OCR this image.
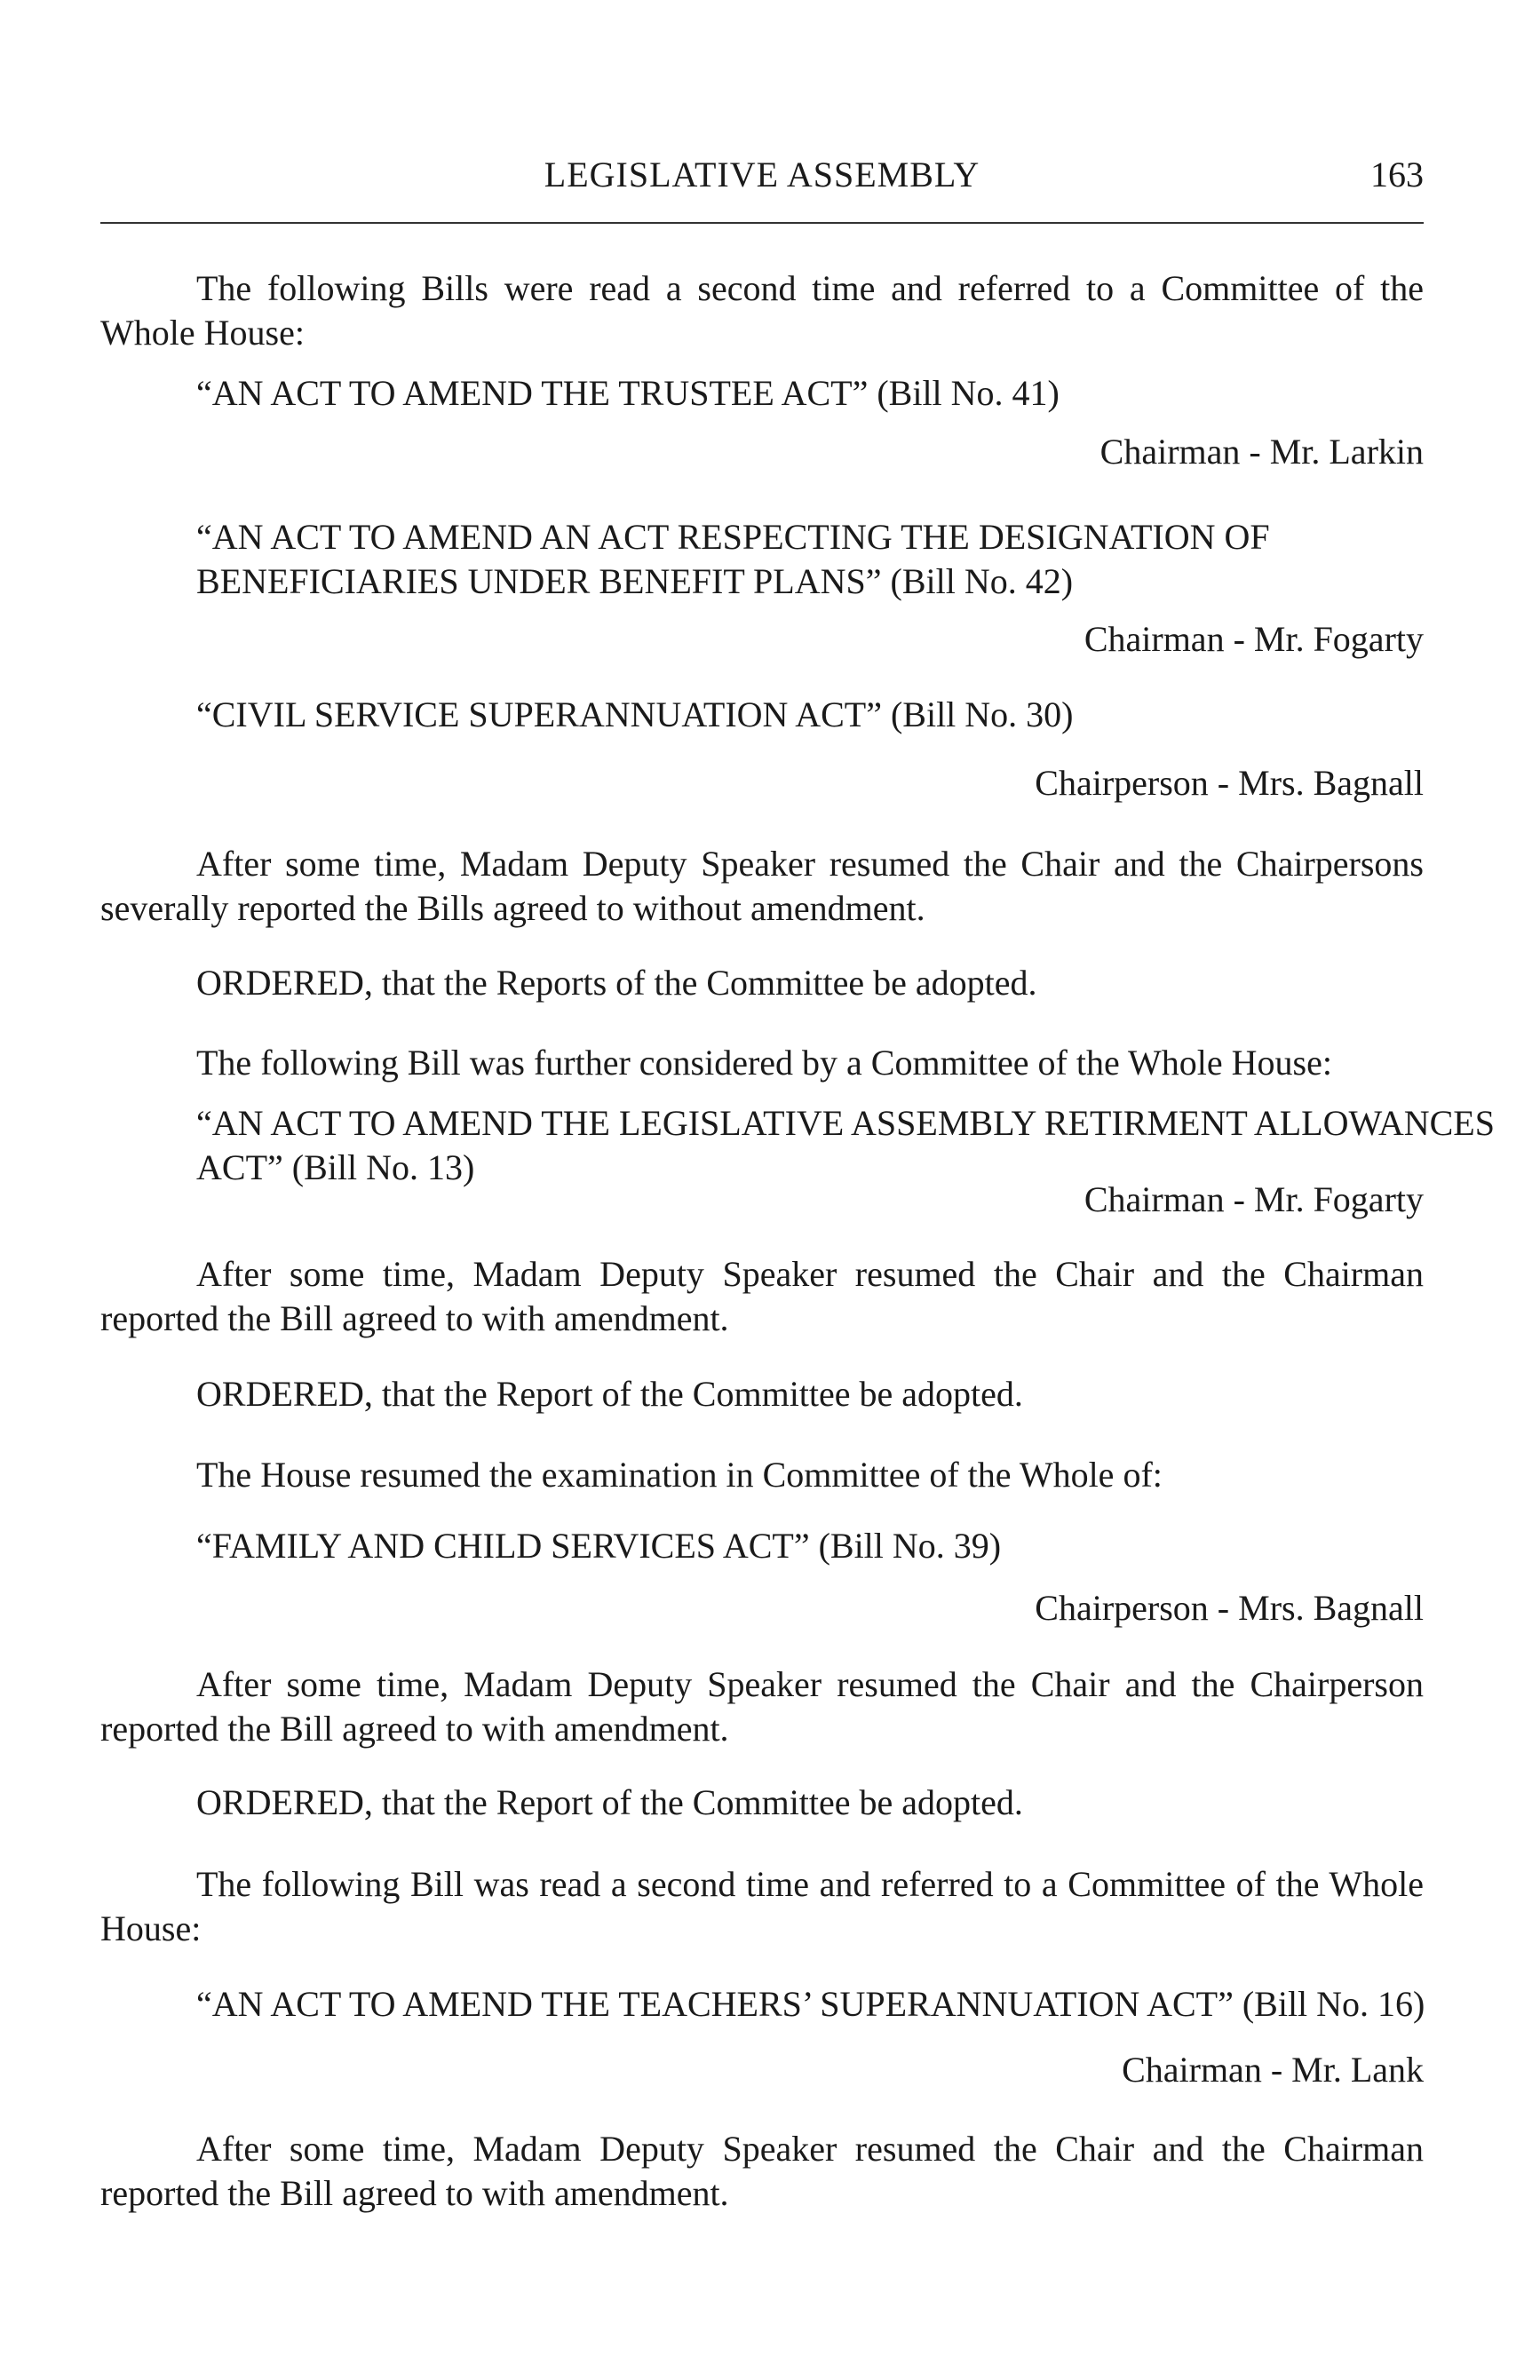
LEGISLATIVE ASSEMBLY	163
The following Bills were read a second time and referred to a Committee of the Whole House:
“AN ACT TO AMEND THE TRUSTEE ACT” (Bill No. 41)
Chairman - Mr. Larkin
“AN ACT TO AMEND AN ACT RESPECTING THE DESIGNATION OF BENEFICIARIES UNDER BENEFIT PLANS” (Bill No. 42)
Chairman - Mr. Fogarty
“CIVIL SERVICE SUPERANNUATION ACT” (Bill No. 30)
Chairperson - Mrs. Bagnall
After some time, Madam Deputy Speaker resumed the Chair and the Chairpersons severally reported the Bills agreed to without amendment.
ORDERED, that the Reports of the Committee be adopted.
The following Bill was further considered by a Committee of the Whole House:
“AN ACT TO AMEND THE LEGISLATIVE ASSEMBLY RETIRMENT ALLOWANCES ACT” (Bill No. 13)
Chairman - Mr. Fogarty
After some time, Madam Deputy Speaker resumed the Chair and the Chairman reported the Bill agreed to with amendment.
ORDERED, that the Report of the Committee be adopted.
The House resumed the examination in Committee of the Whole of:
“FAMILY AND CHILD SERVICES ACT” (Bill No. 39)
Chairperson - Mrs. Bagnall
After some time, Madam Deputy Speaker resumed the Chair and the Chairperson reported the Bill agreed to with amendment.
ORDERED, that the Report of the Committee be adopted.
The following Bill was read a second time and referred to a Committee of the Whole House:
“AN ACT TO AMEND THE TEACHERS’ SUPERANNUATION ACT” (Bill No. 16)
Chairman - Mr. Lank
After some time, Madam Deputy Speaker resumed the Chair and the Chairman reported the Bill agreed to with amendment.
